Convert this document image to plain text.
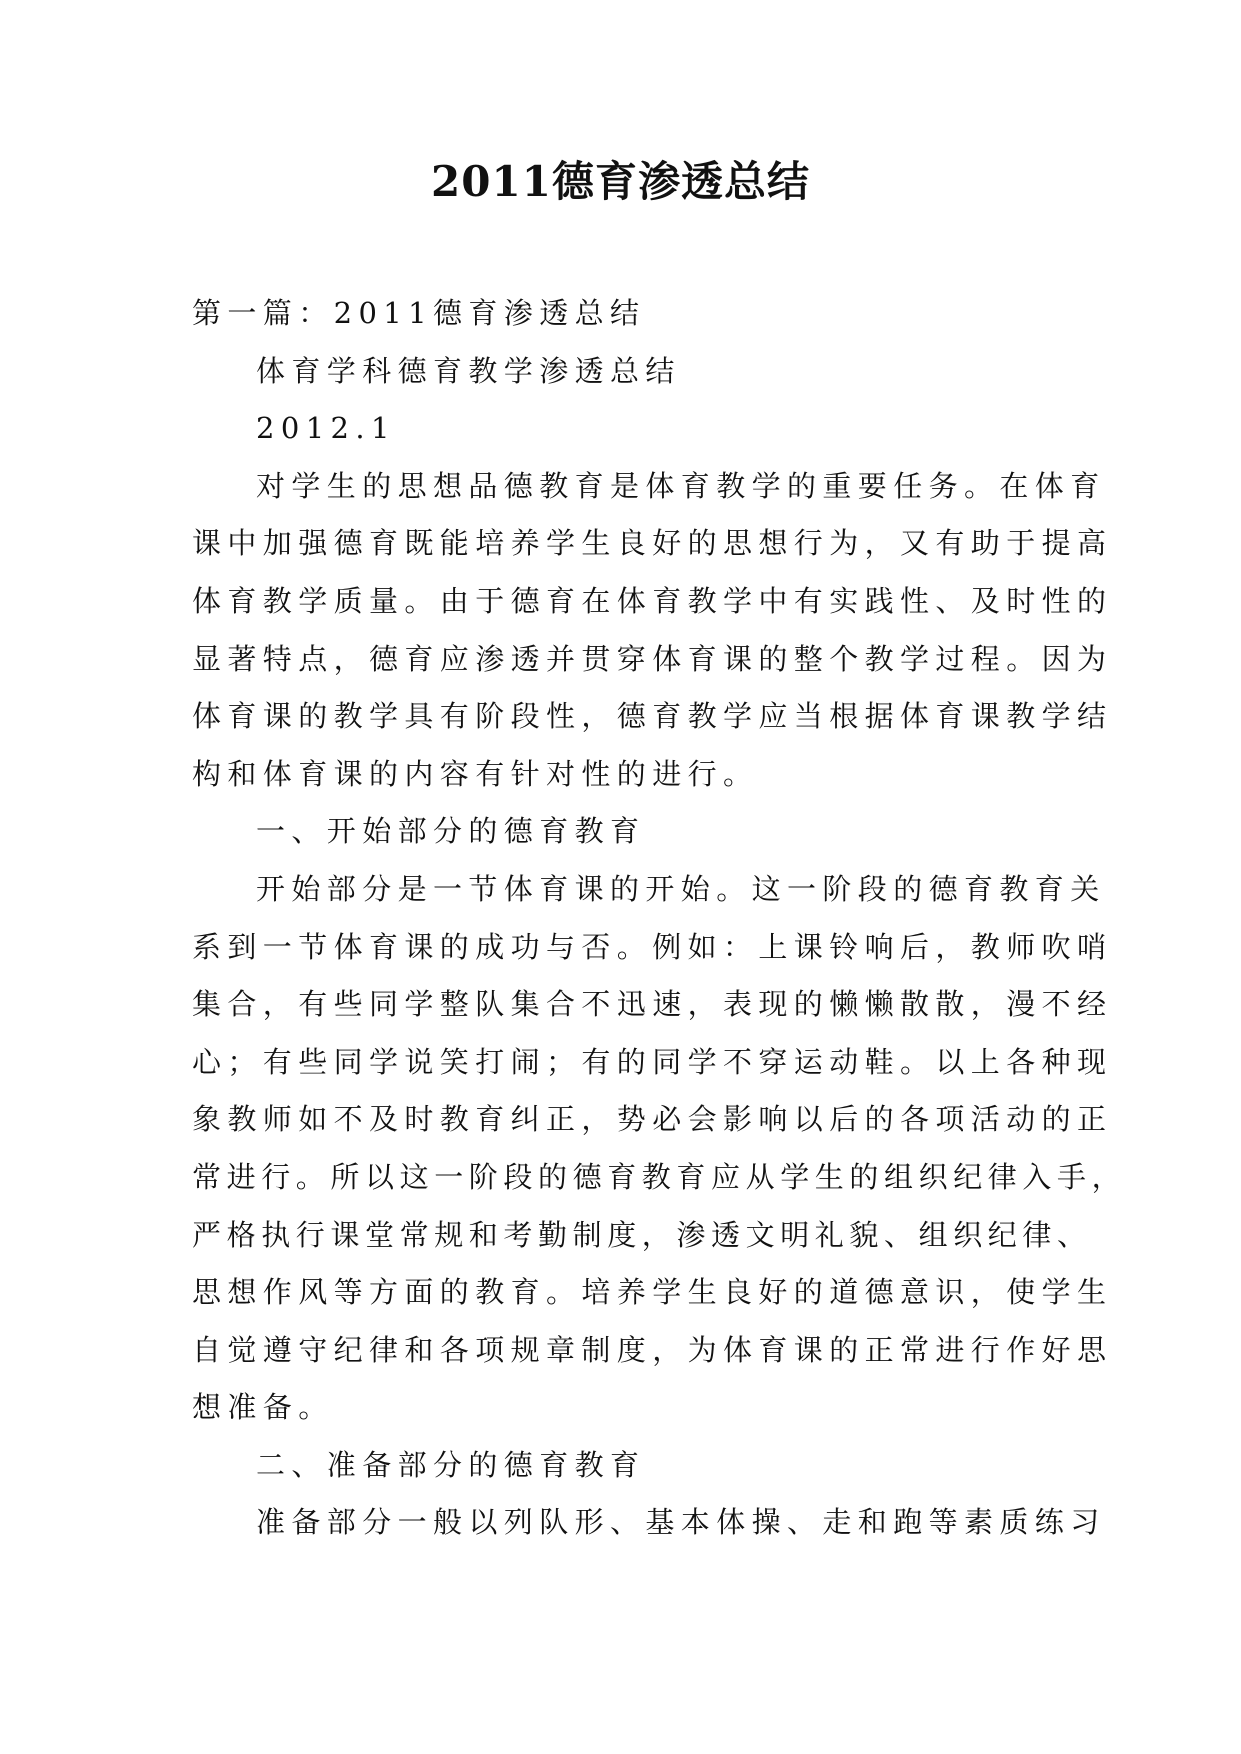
2011德育渗透总结
第一篇：2011德育渗透总结
体育学科德育教学渗透总结
2012.1
对学生的思想品德教育是体育教学的重要任务。在体育
课中加强德育既能培养学生良好的思想行为，又有助于提高
体育教学质量。由于德育在体育教学中有实践性、及时性的
显著特点，德育应渗透并贯穿体育课的整个教学过程。因为
体育课的教学具有阶段性，德育教学应当根据体育课教学结
构和体育课的内容有针对性的进行。
一、开始部分的德育教育
开始部分是一节体育课的开始。这一阶段的德育教育关
系到一节体育课的成功与否。例如：上课铃响后，教师吹哨
集合，有些同学整队集合不迅速，表现的懒懒散散，漫不经
心；有些同学说笑打闹；有的同学不穿运动鞋。以上各种现
象教师如不及时教育纠正，势必会影响以后的各项活动的正
常进行。所以这一阶段的德育教育应从学生的组织纪律入手，
严格执行课堂常规和考勤制度，渗透文明礼貌、组织纪律、
思想作风等方面的教育。培养学生良好的道德意识，使学生
自觉遵守纪律和各项规章制度，为体育课的正常进行作好思
想准备。
二、准备部分的德育教育
准备部分一般以列队形、基本体操、走和跑等素质练习
